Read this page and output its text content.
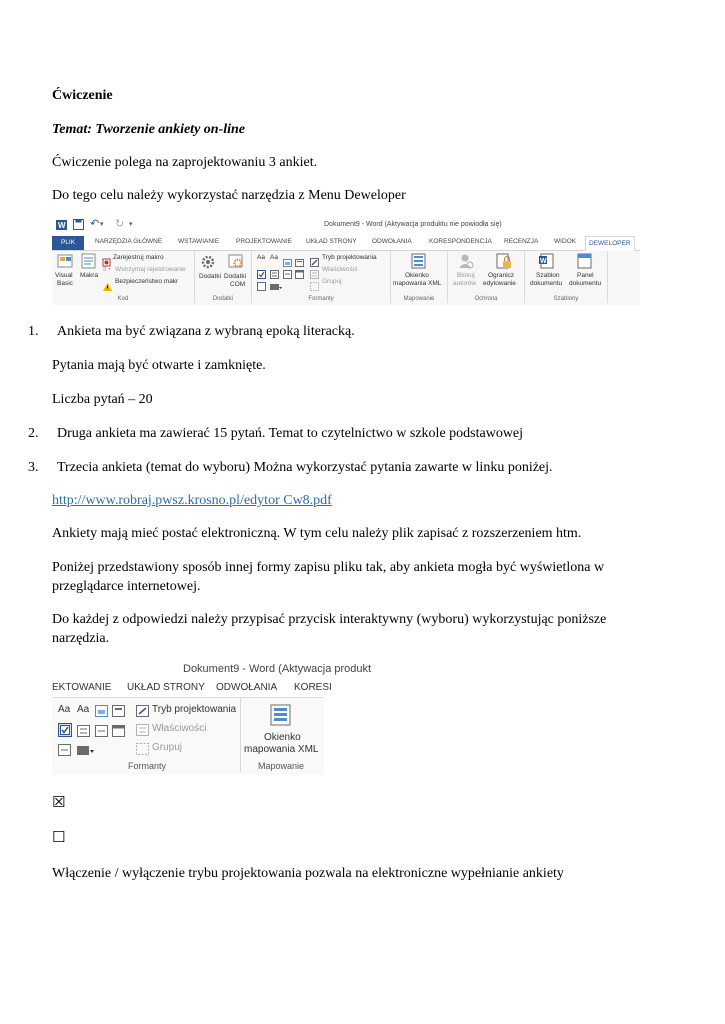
Ćwiczenie
Temat: Tworzenie ankiety on-line
Ćwiczenie polega na zaprojektowaniu 3 ankiet.
Do tego celu należy wykorzystać narzędzia z Menu Deweloper
W ↶ ▾ ↻ ▾	Dokument9 - Word (Aktywacja produktu nie powiodła się)
PLIK	NARZĘDZIA GŁÓWNE WSTAWIANIE	PROJEKTOWANIE UKŁAD STRONY ODWOŁANIA	KORESPONDENCJA RECENZJA WIDOK	DEWELOPER
Visual
Basic
Makra
Zarejestruj makro
II ▪ Wstrzymaj rejestrowanie
Bezpieczeństwo makr
Kod
Dodatki Dodatki
COM
Dodatki
Aa Aa	Tryb projektowania
Właściwości
Grupuj
Formanty
Okienko
mapowania XML
Mapowanie
Blokuj
autorów
Ogranicz
edytowanie
Ochrona
W
Szablon
dokumentu
Panel
dokumentu
Szablony
1. Ankieta ma być związana z wybraną epoką literacką.
Pytania mają być otwarte i zamknięte.
Liczba pytań – 20
2. Druga ankieta ma zawierać 15 pytań. Temat to czytelnictwo w szkole podstawowej
3. Trzecia ankieta (temat do wyboru) Można wykorzystać pytania zawarte w linku poniżej.
http://www.robraj.pwsz.krosno.pl/edytor Cw8.pdf
Ankiety mają mieć postać elektroniczną. W tym celu należy plik zapisać z rozszerzeniem htm.
Poniżej przedstawiony sposób innej formy zapisu pliku tak, aby ankieta mogła być wyświetlona w przeglądarce internetowej.
Do każdej z odpowiedzi należy przypisać przycisk interaktywny (wyboru) wykorzystując poniższe narzędzia.
Dokument9 - Word (Aktywacja produkt
EKTOWANIE UKŁAD STRONY ODWOŁANIA KORESI
Aa Aa	Tryb projektowania
Właściwości
Grupuj
Formanty
Okienko
mapowania XML
Mapowanie
☒
☐
Włączenie / wyłączenie trybu projektowania pozwala na elektroniczne wypełnianie ankiety
